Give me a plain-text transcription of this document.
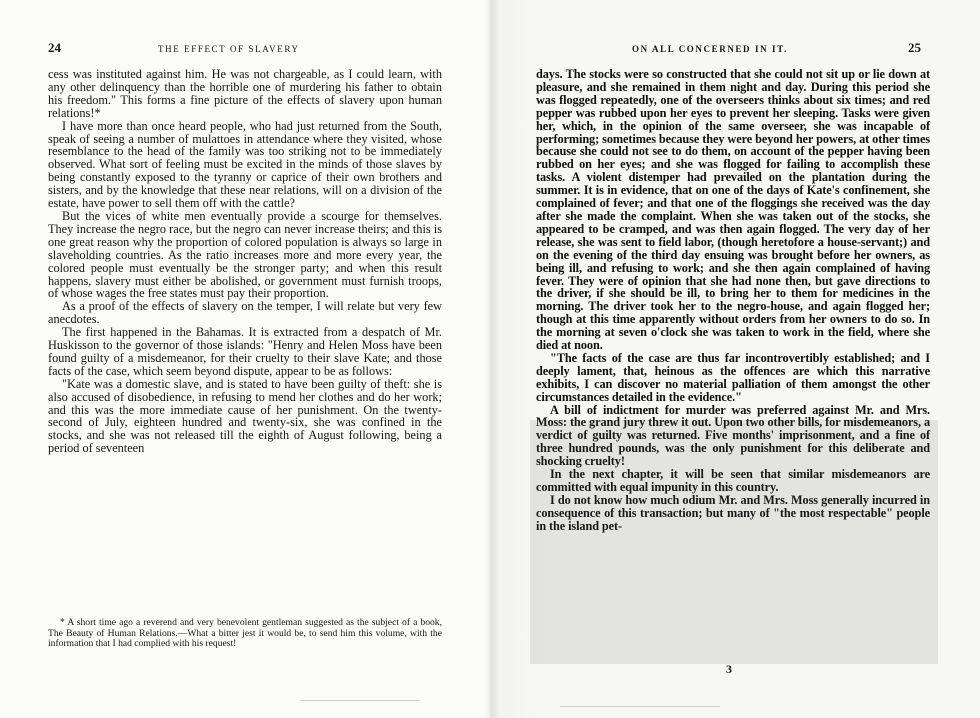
24	THE EFFECT OF SLAVERY

cess was instituted against him. He was not chargeable, as I could learn, with any other delinquency than the horrible one of murdering his father to obtain his freedom." This forms a fine picture of the effects of slavery upon human relations!*

I have more than once heard people, who had just returned from the South, speak of seeing a number of mulattoes in attendance where they visited, whose resemblance to the head of the family was too striking not to be immediately observed. What sort of feeling must be excited in the minds of those slaves by being constantly exposed to the tyranny or caprice of their own brothers and sisters, and by the knowledge that these near relations, will on a division of the estate, have power to sell them off with the cattle?

But the vices of white men eventually provide a scourge for themselves. They increase the negro race, but the negro can never increase theirs; and this is one great reason why the proportion of colored population is always so large in slaveholding countries. As the ratio increases more and more every year, the colored people must eventually be the stronger party; and when this result happens, slavery must either be abolished, or government must furnish troops, of whose wages the free states must pay their proportion.

As a proof of the effects of slavery on the temper, I will relate but very few anecdotes.

The first happened in the Bahamas. It is extracted from a despatch of Mr. Huskisson to the governor of those islands: "Henry and Helen Moss have been found guilty of a misdemeanor, for their cruelty to their slave Kate; and those facts of the case, which seem beyond dispute, appear to be as follows:

"Kate was a domestic slave, and is stated to have been guilty of theft: she is also accused of disobedience, in refusing to mend her clothes and do her work; and this was the more immediate cause of her punishment. On the twenty-second of July, eighteen hundred and twenty-six, she was confined in the stocks, and she was not released till the eighth of August following, being a period of seventeen

* A short time ago a reverend and very benevolent gentleman suggested as the subject of a book, The Beauty of Human Relations.—What a bitter jest it would be, to send him this volume, with the information that I had complied with his request!

ON ALL CONCERNED IN IT.	25

days. The stocks were so constructed that she could not sit up or lie down at pleasure, and she remained in them night and day. During this period she was flogged repeatedly, one of the overseers thinks about six times; and red pepper was rubbed upon her eyes to prevent her sleeping. Tasks were given her, which, in the opinion of the same overseer, she was incapable of performing; sometimes because they were beyond her powers, at other times because she could not see to do them, on account of the pepper having been rubbed on her eyes; and she was flogged for failing to accomplish these tasks. A violent distemper had prevailed on the plantation during the summer. It is in evidence, that on one of the days of Kate's confinement, she complained of fever; and that one of the floggings she received was the day after she made the complaint. When she was taken out of the stocks, she appeared to be cramped, and was then again flogged. The very day of her release, she was sent to field labor, (though heretofore a house-servant;) and on the evening of the third day ensuing was brought before her owners, as being ill, and refusing to work; and she then again complained of having fever. They were of opinion that she had none then, but gave directions to the driver, if she should be ill, to bring her to them for medicines in the morning. The driver took her to the negro-house, and again flogged her; though at this time apparently without orders from her owners to do so. In the morning at seven o'clock she was taken to work in the field, where she died at noon.

"The facts of the case are thus far incontrovertibly established; and I deeply lament, that, heinous as the offences are which this narrative exhibits, I can discover no material palliation of them amongst the other circumstances detailed in the evidence."

A bill of indictment for murder was preferred against Mr. and Mrs. Moss: the grand jury threw it out. Upon two other bills, for misdemeanors, a verdict of guilty was returned. Five months' imprisonment, and a fine of three hundred pounds, was the only punishment for this deliberate and shocking cruelty!

In the next chapter, it will be seen that similar misdemeanors are committed with equal impunity in this country.

I do not know how much odium Mr. and Mrs. Moss generally incurred in consequence of this transaction; but many of "the most respectable" people in the island pet-

3
